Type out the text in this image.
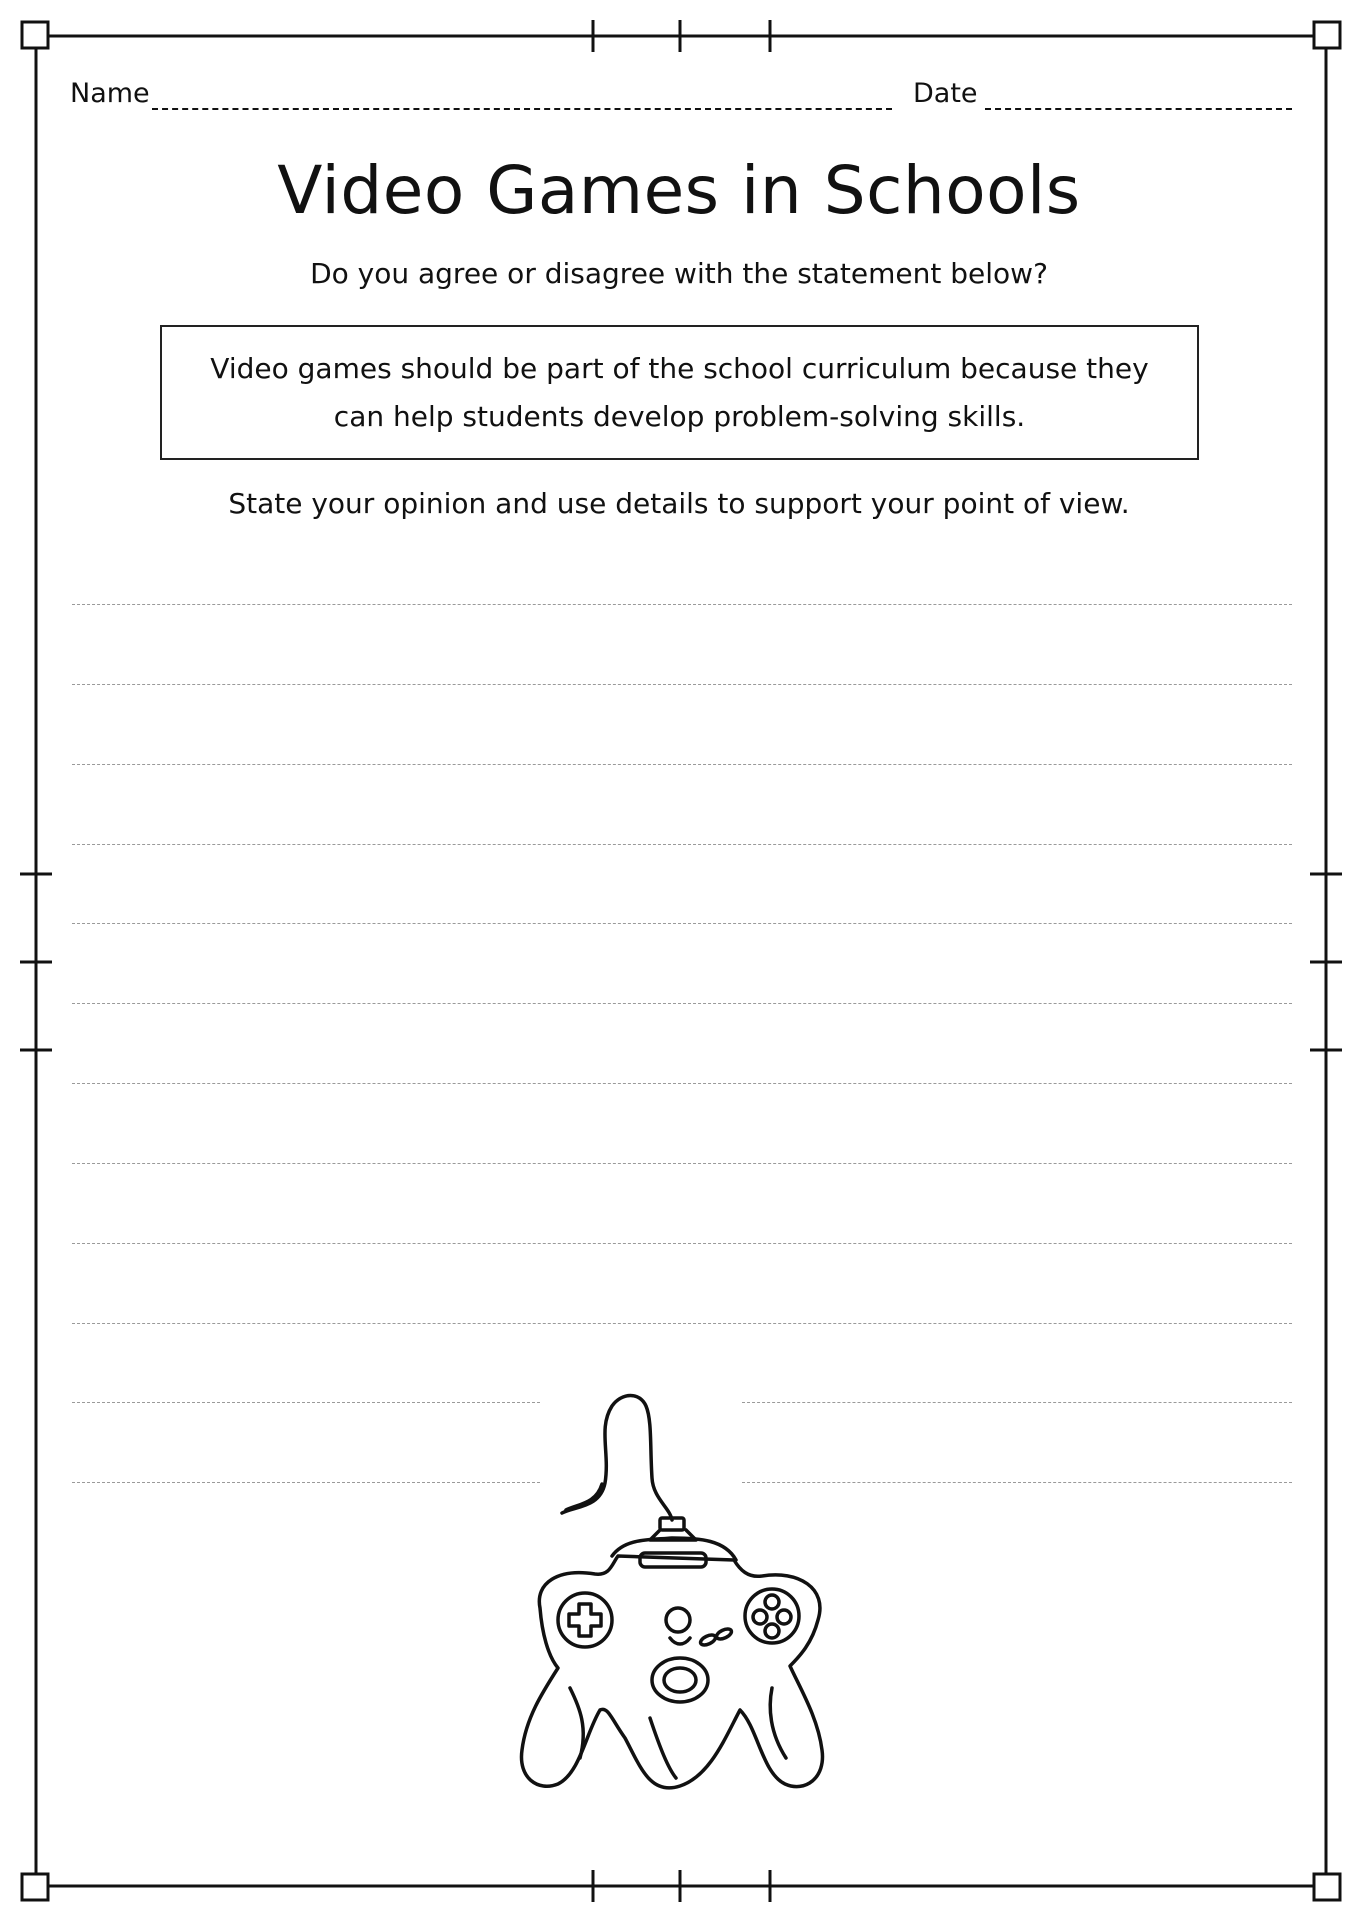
Name	Date
Video Games in Schools
Do you agree or disagree with the statement below?
Video games should be part of the school curriculum because they can help students develop problem-solving skills.
State your opinion and use details to support your point of view.
